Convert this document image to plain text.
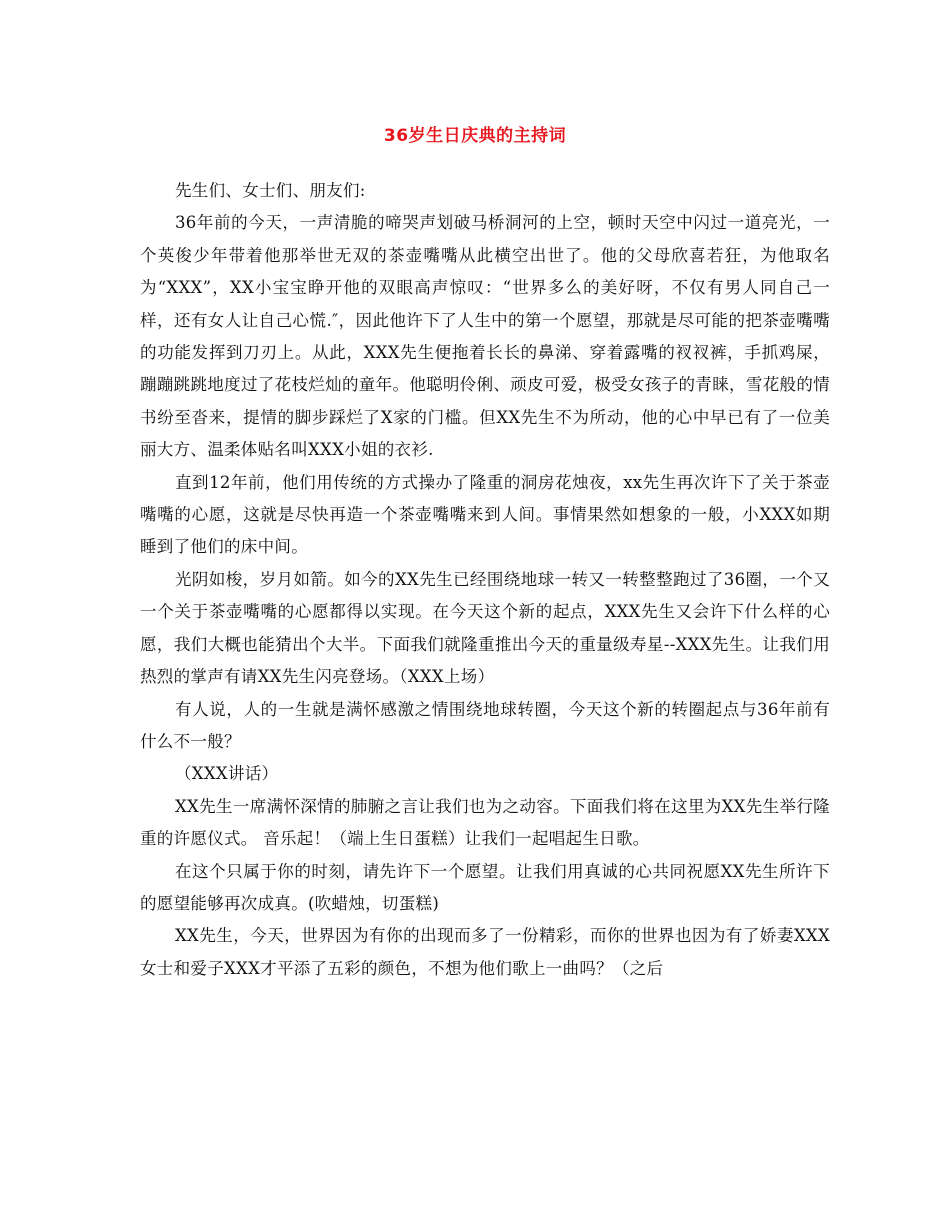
36岁生日庆典的主持词

先生们、女士们、朋友们:

36年前的今天，一声清脆的啼哭声划破马桥洞河的上空，顿时天空中闪过一道亮光，一个英俊少年带着他那举世无双的茶壶嘴嘴从此横空出世了。他的父母欣喜若狂，为他取名为“XXX”，XX小宝宝睁开他的双眼高声惊叹：“世界多么的美好呀，不仅有男人同自己一样，还有女人让自己心慌.″，因此他许下了人生中的第一个愿望，那就是尽可能的把茶壶嘴嘴的功能发挥到刀刃上。从此，XXX先生便拖着长长的鼻涕、穿着露嘴的衩衩裤，手抓鸡屎，蹦蹦跳跳地度过了花枝烂灿的童年。他聪明伶俐、顽皮可爱，极受女孩子的青睐，雪花般的情书纷至沓来，提情的脚步踩烂了X家的门槛。但XX先生不为所动，他的心中早已有了一位美丽大方、温柔体贴名叫XXX小姐的衣衫.

直到12年前，他们用传统的方式操办了隆重的洞房花烛夜，xx先生再次许下了关于茶壶嘴嘴的心愿，这就是尽快再造一个茶壶嘴嘴来到人间。事情果然如想象的一般，小XXX如期睡到了他们的床中间。

光阴如梭，岁月如箭。如今的XX先生已经围绕地球一转又一转整整跑过了36圈，一个又一个关于茶壶嘴嘴的心愿都得以实现。在今天这个新的起点，XXX先生又会许下什么样的心愿，我们大概也能猜出个大半。下面我们就隆重推出今天的重量级寿星--XXX先生。让我们用热烈的掌声有请XX先生闪亮登场。（XXX上场）

有人说，人的一生就是满怀感激之情围绕地球转圈，今天这个新的转圈起点与36年前有什么不一般？

（XXX讲话）

XX先生一席满怀深情的肺腑之言让我们也为之动容。下面我们将在这里为XX先生举行隆重的许愿仪式。 音乐起！（端上生日蛋糕）让我们一起唱起生日歌。

在这个只属于你的时刻，请先许下一个愿望。让我们用真诚的心共同祝愿XX先生所许下的愿望能够再次成真。(吹蜡烛，切蛋糕)

XX先生，今天，世界因为有你的出现而多了一份精彩，而你的世界也因为有了娇妻XXX女士和爱子XXX才平添了五彩的颜色，不想为他们歌上一曲吗？（之后
